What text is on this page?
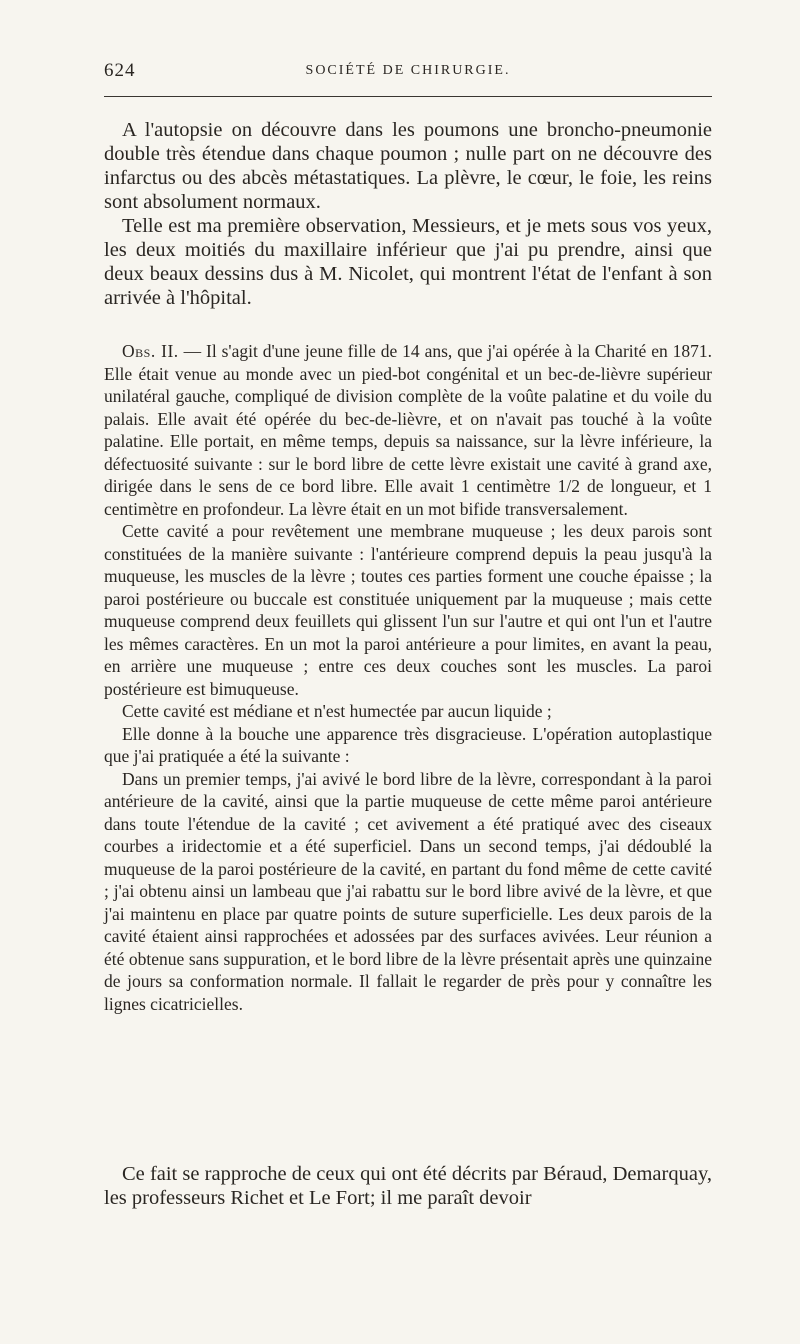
624	SOCIÉTÉ DE CHIRURGIE.

A l'autopsie on découvre dans les poumons une broncho-pneumonie double très étendue dans chaque poumon ; nulle part on ne découvre des infarctus ou des abcès métastatiques. La plèvre, le cœur, le foie, les reins sont absolument normaux.

Telle est ma première observation, Messieurs, et je mets sous vos yeux, les deux moitiés du maxillaire inférieur que j'ai pu prendre, ainsi que deux beaux dessins dus à M. Nicolet, qui montrent l'état de l'enfant à son arrivée à l'hôpital.

Obs. II. — Il s'agit d'une jeune fille de 14 ans, que j'ai opérée à la Charité en 1871. Elle était venue au monde avec un pied-bot congénital et un bec-de-lièvre supérieur unilatéral gauche, compliqué de division complète de la voûte palatine et du voile du palais. Elle avait été opérée du bec-de-lièvre, et on n'avait pas touché à la voûte palatine. Elle portait, en même temps, depuis sa naissance, sur la lèvre inférieure, la défectuosité suivante : sur le bord libre de cette lèvre existait une cavité à grand axe, dirigée dans le sens de ce bord libre. Elle avait 1 centimètre 1/2 de longueur, et 1 centimètre en profondeur. La lèvre était en un mot bifide transversalement.

Cette cavité a pour revêtement une membrane muqueuse ; les deux parois sont constituées de la manière suivante : l'antérieure comprend depuis la peau jusqu'à la muqueuse, les muscles de la lèvre ; toutes ces parties forment une couche épaisse ; la paroi postérieure ou buccale est constituée uniquement par la muqueuse ; mais cette muqueuse comprend deux feuillets qui glissent l'un sur l'autre et qui ont l'un et l'autre les mêmes caractères. En un mot la paroi antérieure a pour limites, en avant la peau, en arrière une muqueuse ; entre ces deux couches sont les muscles. La paroi postérieure est bimuqueuse.

Cette cavité est médiane et n'est humectée par aucun liquide ;

Elle donne à la bouche une apparence très disgracieuse. L'opération autoplastique que j'ai pratiquée a été la suivante :

Dans un premier temps, j'ai avivé le bord libre de la lèvre, correspondant à la paroi antérieure de la cavité, ainsi que la partie muqueuse de cette même paroi antérieure dans toute l'étendue de la cavité ; cet avivement a été pratiqué avec des ciseaux courbes a iridectomie et a été superficiel. Dans un second temps, j'ai dédoublé la muqueuse de la paroi postérieure de la cavité, en partant du fond même de cette cavité ; j'ai obtenu ainsi un lambeau que j'ai rabattu sur le bord libre avivé de la lèvre, et que j'ai maintenu en place par quatre points de suture superficielle. Les deux parois de la cavité étaient ainsi rapprochées et adossées par des surfaces avivées. Leur réunion a été obtenue sans suppuration, et le bord libre de la lèvre présentait après une quinzaine de jours sa conformation normale. Il fallait le regarder de près pour y connaître les lignes cicatricielles.

Ce fait se rapproche de ceux qui ont été décrits par Béraud, Demarquay, les professeurs Richet et Le Fort; il me paraît devoir
